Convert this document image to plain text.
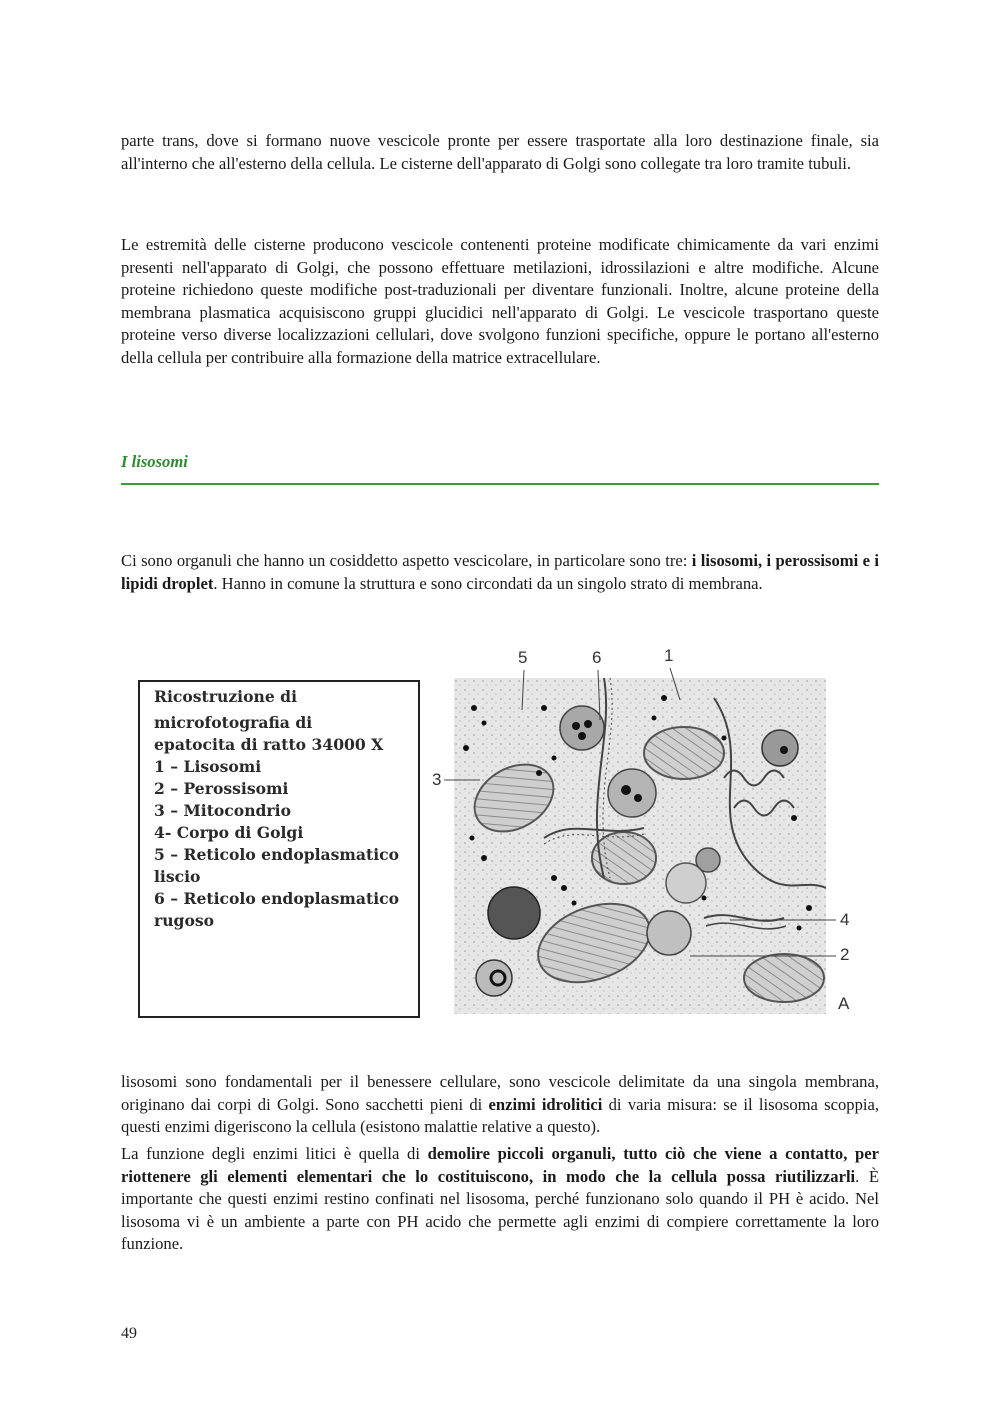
parte trans, dove si formano nuove vescicole pronte per essere trasportate alla loro destinazione finale, sia all'interno che all'esterno della cellula. Le cisterne dell'apparato di Golgi sono collegate tra loro tramite tubuli.

Le estremità delle cisterne producono vescicole contenenti proteine modificate chimicamente da vari enzimi presenti nell'apparato di Golgi, che possono effettuare metilazioni, idrossilazioni e altre modifiche. Alcune proteine richiedono queste modifiche post-traduzionali per diventare funzionali. Inoltre, alcune proteine della membrana plasmatica acquisiscono gruppi glucidici nell'apparato di Golgi. Le vescicole trasportano queste proteine verso diverse localizzazioni cellulari, dove svolgono funzioni specifiche, oppure le portano all'esterno della cellula per contribuire alla formazione della matrice extracellulare.

I lisosomi

Ci sono organuli che hanno un cosiddetto aspetto vescicolare, in particolare sono tre: i lisosomi, i perossisomi e i lipidi droplet. Hanno in comune la struttura e sono circondati da un singolo strato di membrana.

Ricostruzione di

microfotografia di

epatocita di ratto 34000 X

1 – Lisosomi

2 – Perossisomi

3 – Mitocondrio

4- Corpo di Golgi

5 – Reticolo endoplasmatico

liscio

6 – Reticolo endoplasmatico

rugoso

5	6	1
3
4
2
A

lisosomi sono fondamentali per il benessere cellulare, sono vescicole delimitate da una singola membrana, originano dai corpi di Golgi. Sono sacchetti pieni di enzimi idrolitici di varia misura: se il lisosoma scoppia, questi enzimi digeriscono la cellula (esistono malattie relative a questo).

La funzione degli enzimi litici è quella di demolire piccoli organuli, tutto ciò che viene a contatto, per riottenere gli elementi elementari che lo costituiscono, in modo che la cellula possa riutilizzarli. È importante che questi enzimi restino confinati nel lisosoma, perché funzionano solo quando il PH è acido. Nel lisosoma vi è un ambiente a parte con PH acido che permette agli enzimi di compiere correttamente la loro funzione.

49
